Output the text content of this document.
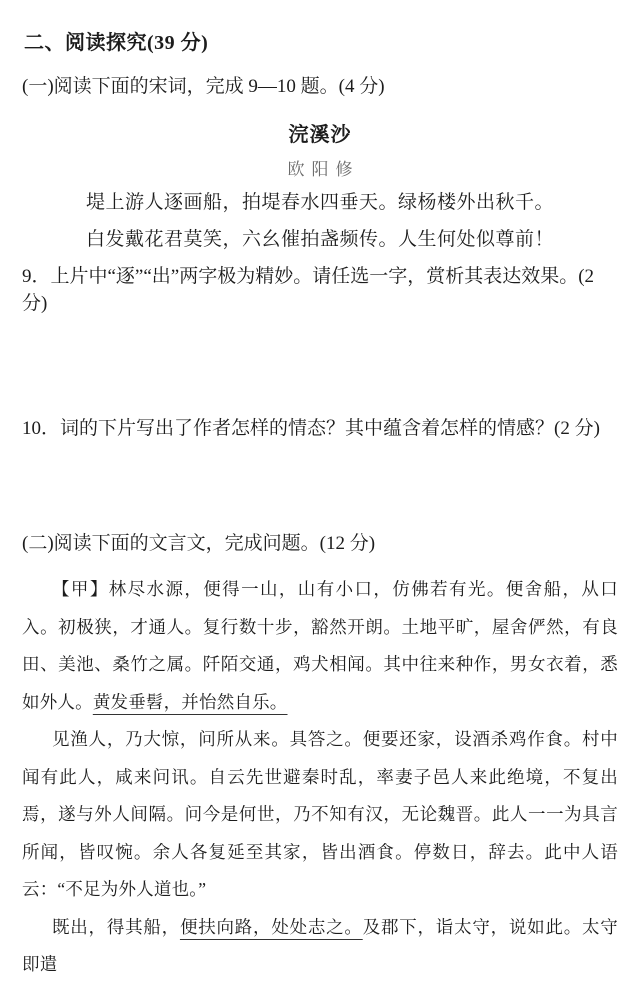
二、阅读探究(39 分)

(一)阅读下面的宋词，完成 9—10 题。(4 分)

浣溪沙

欧阳修

堤上游人逐画船，拍堤春水四垂天。绿杨楼外出秋千。

白发戴花君莫笑，六幺催拍盏频传。人生何处似尊前！

9．上片中“逐”“出”两字极为精妙。请任选一字，赏析其表达效果。(2 分)

10．词的下片写出了作者怎样的情态？其中蕴含着怎样的情感？(2 分)

(二)阅读下面的文言文，完成问题。(12 分)

【甲】林尽水源，便得一山，山有小口，仿佛若有光。便舍船，从口入。初极狭，才通人。复行数十步，豁然开朗。土地平旷，屋舍俨然，有良田、美池、桑竹之属。阡陌交通，鸡犬相闻。其中往来种作，男女衣着，悉如外人。黄发垂髫，并怡然自乐。

见渔人，乃大惊，问所从来。具答之。便要还家，设酒杀鸡作食。村中闻有此人，咸来问讯。自云先世避秦时乱，率妻子邑人来此绝境，不复出焉，遂与外人间隔。问今是何世，乃不知有汉，无论魏晋。此人一一为具言所闻，皆叹惋。余人各复延至其家，皆出酒食。停数日，辞去。此中人语云：“不足为外人道也。”

既出，得其船，便扶向路，处处志之。及郡下，诣太守，说如此。太守即遣
